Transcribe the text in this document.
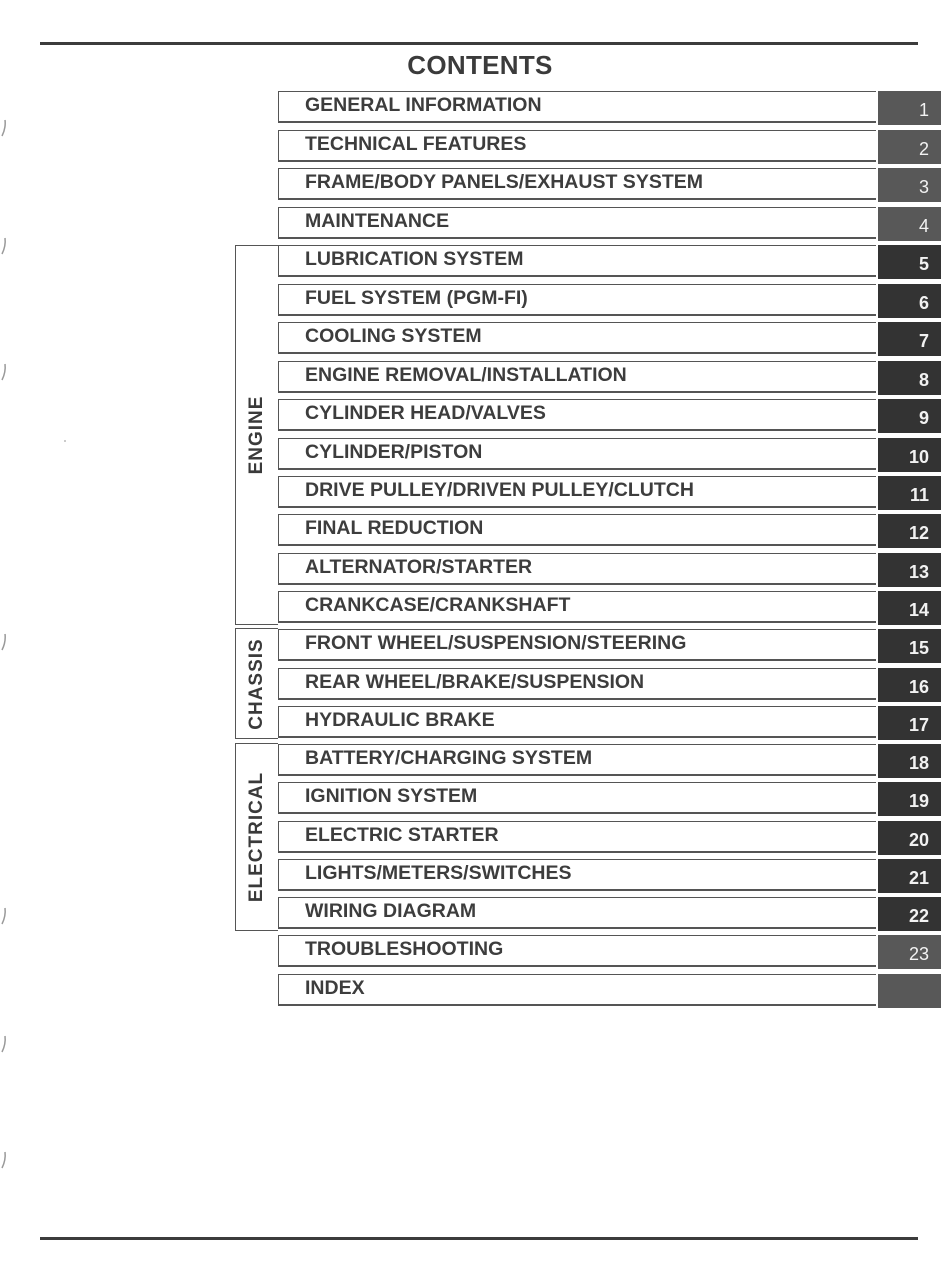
CONTENTS
ENGINE
CHASSIS
ELECTRICAL
GENERAL INFORMATION	1
TECHNICAL FEATURES	2
FRAME/BODY PANELS/EXHAUST SYSTEM	3
MAINTENANCE	4
LUBRICATION SYSTEM	5
FUEL SYSTEM (PGM-FI)	6
COOLING SYSTEM	7
ENGINE REMOVAL/INSTALLATION	8
CYLINDER HEAD/VALVES	9
CYLINDER/PISTON	10
DRIVE PULLEY/DRIVEN PULLEY/CLUTCH	11
FINAL REDUCTION	12
ALTERNATOR/STARTER	13
CRANKCASE/CRANKSHAFT	14
FRONT WHEEL/SUSPENSION/STEERING	15
REAR WHEEL/BRAKE/SUSPENSION	16
HYDRAULIC BRAKE	17
BATTERY/CHARGING SYSTEM	18
IGNITION SYSTEM	19
ELECTRIC STARTER	20
LIGHTS/METERS/SWITCHES	21
WIRING DIAGRAM	22
TROUBLESHOOTING	23
INDEX
